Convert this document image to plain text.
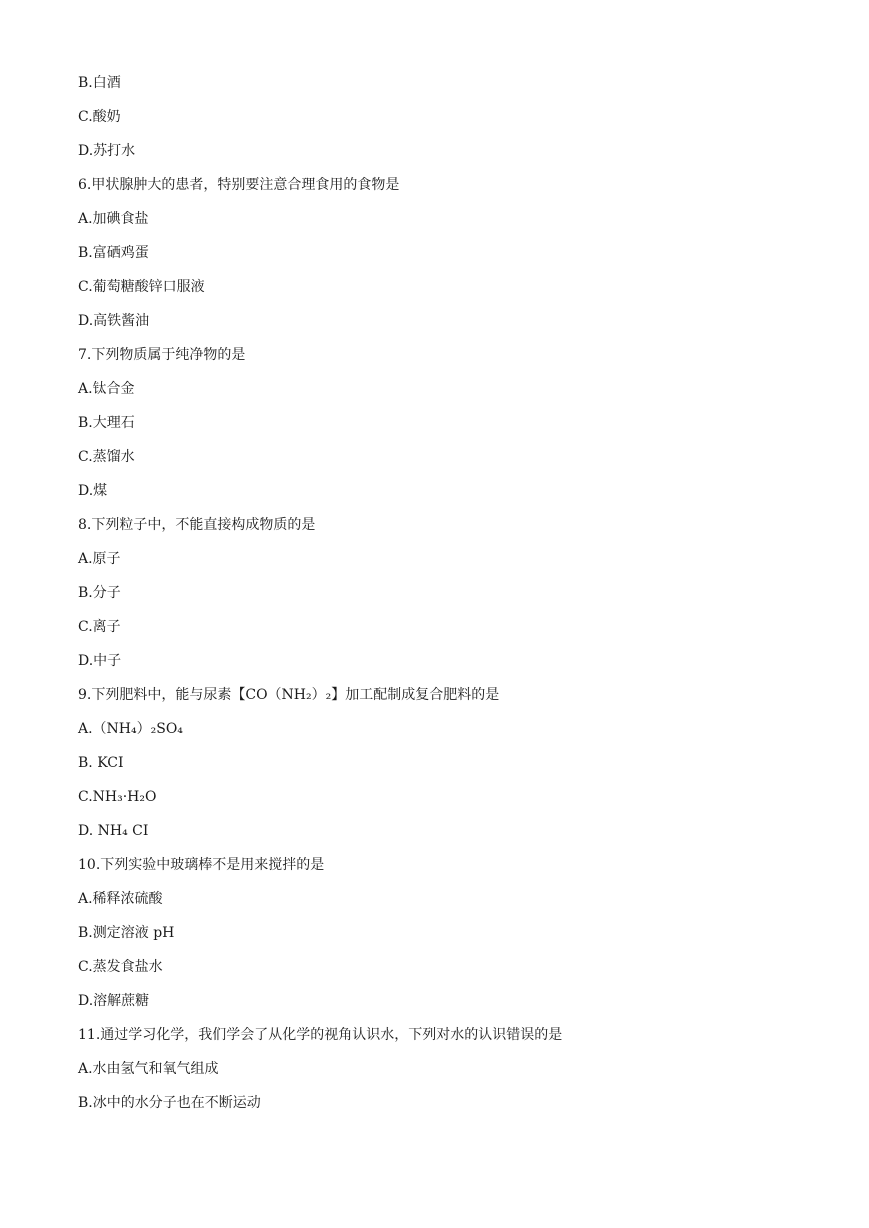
B.白酒
C.酸奶
D.苏打水
6.甲状腺肿大的患者，特别要注意合理食用的食物是
A.加碘食盐
B.富硒鸡蛋
C.葡萄糖酸锌口服液
D.高铁酱油
7.下列物质属于纯净物的是
A.钛合金
B.大理石
C.蒸馏水
D.煤
8.下列粒子中，不能直接构成物质的是
A.原子
B.分子
C.离子
D.中子
9.下列肥料中，能与尿素【CO（NH₂）₂】加工配制成复合肥料的是
A.（NH₄）₂SO₄
B. KCI
C.NH₃·H₂O
D. NH₄ CI
10.下列实验中玻璃棒不是用来搅拌的是
A.稀释浓硫酸
B.测定溶液 pH
C.蒸发食盐水
D.溶解蔗糖
11.通过学习化学，我们学会了从化学的视角认识水，下列对水的认识错误的是
A.水由氢气和氧气组成
B.冰中的水分子也在不断运动
